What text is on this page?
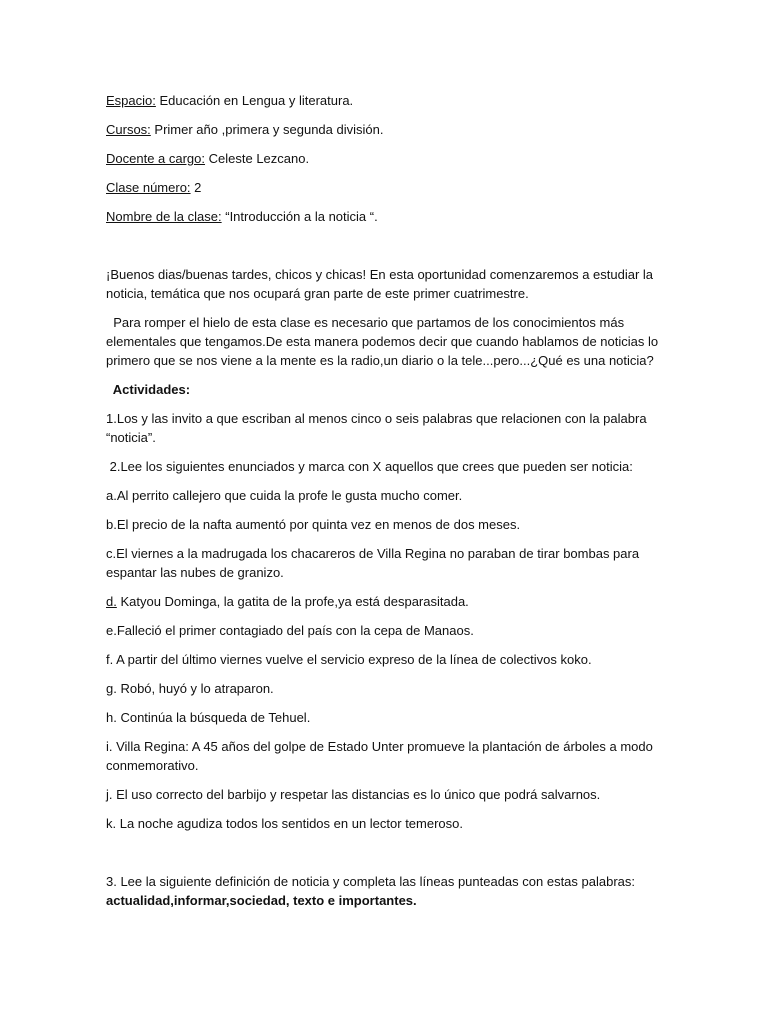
Espacio: Educación en Lengua y literatura.
Cursos: Primer año ,primera y segunda división.
Docente a cargo: Celeste Lezcano.
Clase número: 2
Nombre de la clase: “Introducción a la noticia “.
¡Buenos dias/buenas tardes, chicos y chicas! En esta oportunidad comenzaremos a estudiar la
noticia, temática que nos ocupará gran parte de este primer cuatrimestre.
Para romper el hielo de esta clase es necesario que partamos de los conocimientos más
elementales que tengamos.De esta manera podemos decir que cuando hablamos de noticias lo
primero que se nos viene a la mente es la radio,un diario o la tele...pero...¿Qué es una noticia?
Actividades:
1.Los y las invito a que escriban al menos cinco o seis palabras que relacionen con la palabra
“noticia”.
2.Lee los siguientes enunciados y marca con X aquellos que crees que pueden ser noticia:
a.Al perrito callejero que cuida la profe le gusta mucho comer.
b.El precio de la nafta aumentó por quinta vez en menos de dos meses.
c.El viernes a la madrugada los chacareros de Villa Regina no paraban de tirar bombas para
espantar las nubes de granizo.
d. Katyou Dominga, la gatita de la profe,ya está desparasitada.
e.Falleció el primer contagiado del país con la cepa de Manaos.
f. A partir del último viernes vuelve el servicio expreso de la línea de colectivos koko.
g. Robó, huyó y lo atraparon.
h. Continúa la búsqueda de Tehuel.
i. Villa Regina: A 45 años del golpe de Estado Unter promueve la plantación de árboles a modo
conmemorativo.
j. El uso correcto del barbijo y respetar las distancias es lo único que podrá salvarnos.
k. La noche agudiza todos los sentidos en un lector temeroso.
3. Lee la siguiente definición de noticia y completa las líneas punteadas con estas palabras:
actualidad,informar,sociedad, texto e importantes.
